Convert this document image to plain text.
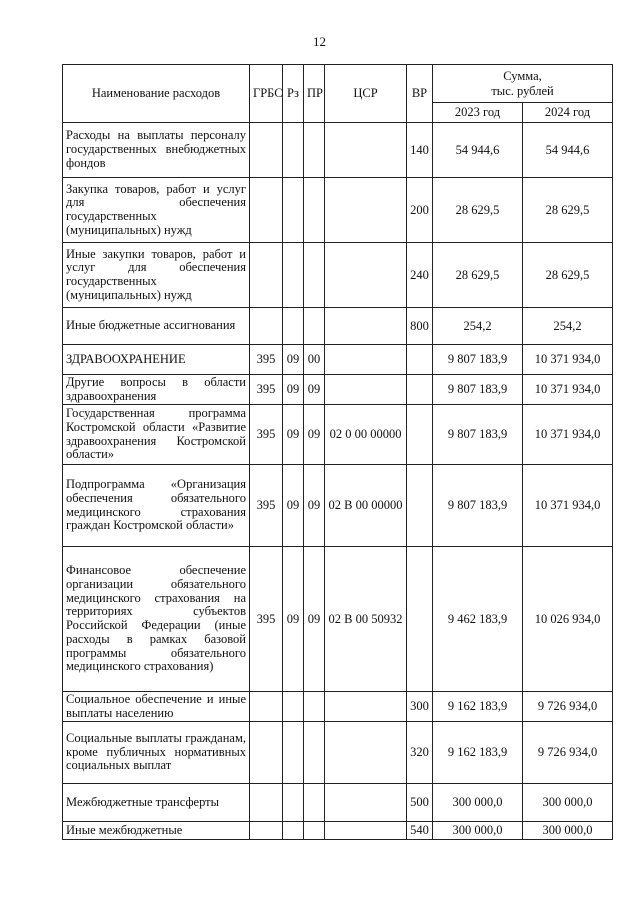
12
Наименование расходов	ГРБС	Рз	ПР	ЦСР	ВР	Сумма,
тыс. рублей	

						2023 год	2024 год
Расходы на выплаты персоналу государственных внебюджетных фондов					140	54 944,6	54 944,6
Закупка товаров, работ и услуг для обеспечения государственных (муниципальных) нужд					200	28 629,5	28 629,5
Иные закупки товаров, работ и услуг для обеспечения государственных (муниципальных) нужд					240	28 629,5	28 629,5
Иные бюджетные ассигнования					800	254,2	254,2
ЗДРАВООХРАНЕНИЕ	395	09	00			9 807 183,9	10 371 934,0
Другие вопросы в области здравоохранения	395	09	09			9 807 183,9	10 371 934,0
Государственная программа Костромской области «Развитие здравоохранения Костромской области»	395	09	09	02 0 00 00000		9 807 183,9	10 371 934,0
Подпрограмма «Организация обеспечения обязательного медицинского страхования граждан Костромской области»	395	09	09	02 В 00 00000		9 807 183,9	10 371 934,0
Финансовое обеспечение организации обязательного медицинского страхования на территориях субъектов Российской Федерации (иные расходы в рамках базовой программы обязательного медицинского страхования)	395	09	09	02 В 00 50932		9 462 183,9	10 026 934,0
Социальное обеспечение и иные выплаты населению					300	9 162 183,9	9 726 934,0
Социальные выплаты гражданам, кроме публичных нормативных социальных выплат					320	9 162 183,9	9 726 934,0
Межбюджетные трансферты					500	300 000,0	300 000,0
Иные межбюджетные					540	300 000,0	300 000,0
